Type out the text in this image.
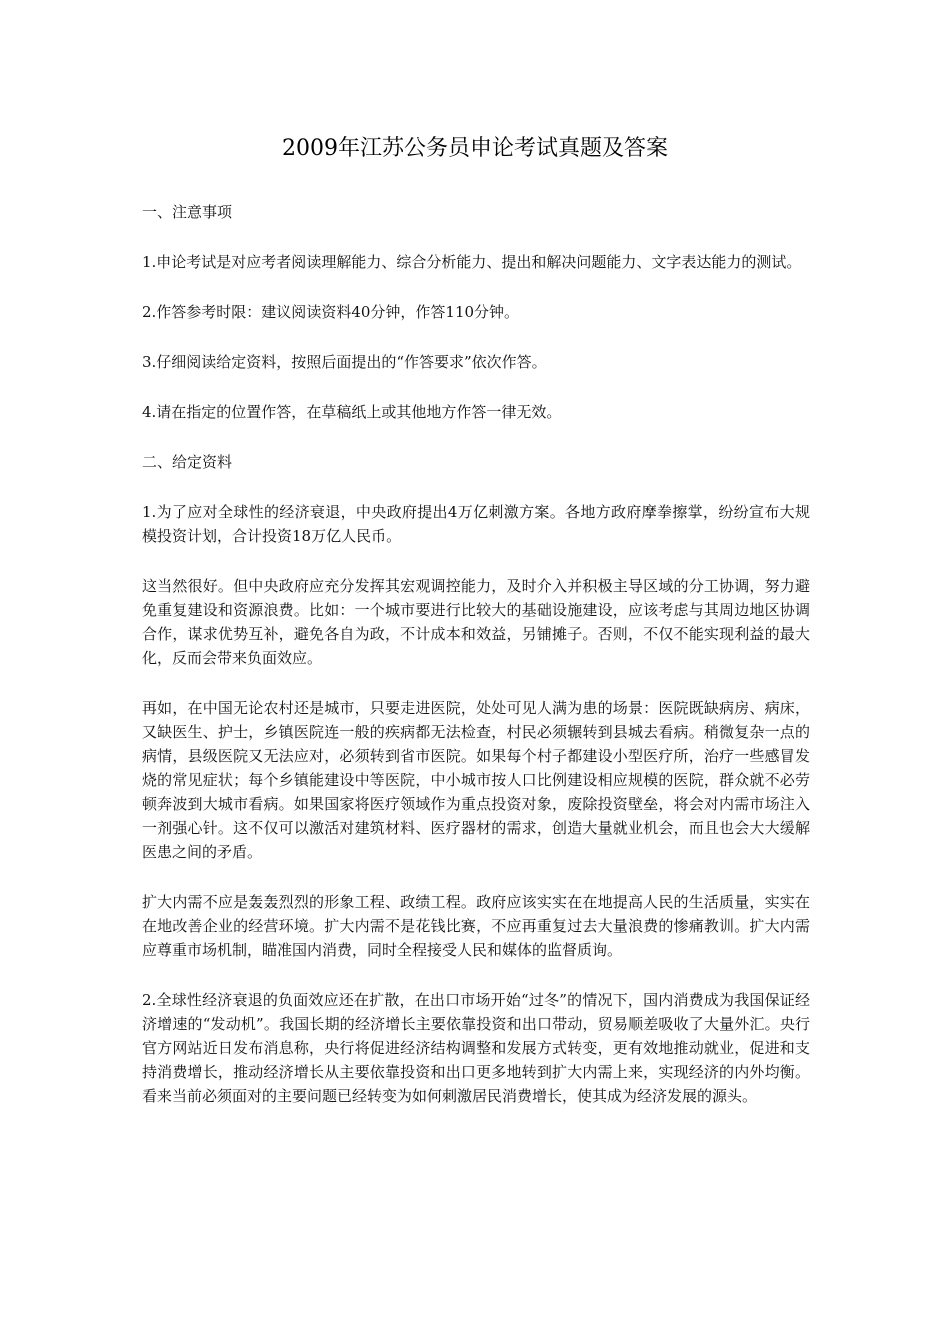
2009年江苏公务员申论考试真题及答案

一、注意事项

1.申论考试是对应考者阅读理解能力、综合分析能力、提出和解决问题能力、文字表达能力的测试。

2.作答参考时限：建议阅读资料40分钟，作答110分钟。

3.仔细阅读给定资料，按照后面提出的“作答要求”依次作答。

4.请在指定的位置作答，在草稿纸上或其他地方作答一律无效。

二、给定资料

1.为了应对全球性的经济衰退，中央政府提出4万亿刺激方案。各地方政府摩拳擦掌，纷纷宣布大规模投资计划，合计投资18万亿人民币。

这当然很好。但中央政府应充分发挥其宏观调控能力，及时介入并积极主导区域的分工协调，努力避免重复建设和资源浪费。比如：一个城市要进行比较大的基础设施建设，应该考虑与其周边地区协调合作，谋求优势互补，避免各自为政，不计成本和效益，另铺摊子。否则，不仅不能实现利益的最大化，反而会带来负面效应。

再如，在中国无论农村还是城市，只要走进医院，处处可见人满为患的场景：医院既缺病房、病床，又缺医生、护士，乡镇医院连一般的疾病都无法检查，村民必须辗转到县城去看病。稍微复杂一点的病情，县级医院又无法应对，必须转到省市医院。如果每个村子都建设小型医疗所，治疗一些感冒发烧的常见症状；每个乡镇能建设中等医院，中小城市按人口比例建设相应规模的医院，群众就不必劳顿奔波到大城市看病。如果国家将医疗领域作为重点投资对象，废除投资壁垒，将会对内需市场注入一剂强心针。这不仅可以激活对建筑材料、医疗器材的需求，创造大量就业机会，而且也会大大缓解医患之间的矛盾。

扩大内需不应是轰轰烈烈的形象工程、政绩工程。政府应该实实在在地提高人民的生活质量，实实在在地改善企业的经营环境。扩大内需不是花钱比赛，不应再重复过去大量浪费的惨痛教训。扩大内需应尊重市场机制，瞄准国内消费，同时全程接受人民和媒体的监督质询。

2.全球性经济衰退的负面效应还在扩散，在出口市场开始“过冬”的情况下，国内消费成为我国保证经济增速的“发动机”。我国长期的经济增长主要依靠投资和出口带动，贸易顺差吸收了大量外汇。央行官方网站近日发布消息称，央行将促进经济结构调整和发展方式转变，更有效地推动就业，促进和支持消费增长，推动经济增长从主要依靠投资和出口更多地转到扩大内需上来，实现经济的内外均衡。看来当前必须面对的主要问题已经转变为如何刺激居民消费增长，使其成为经济发展的源头。
